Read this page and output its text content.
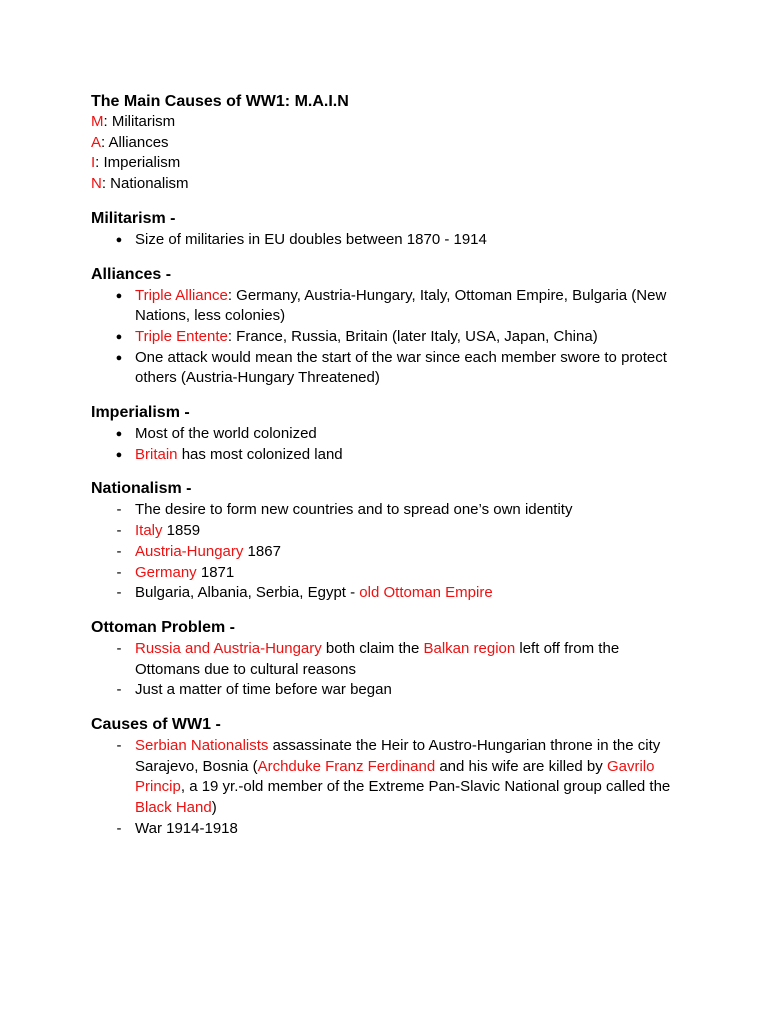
The Main Causes of WW1: M.A.I.N
M: Militarism
A: Alliances
I: Imperialism
N: Nationalism
Militarism -
● Size of militaries in EU doubles between 1870 - 1914
Alliances -
● Triple Alliance: Germany, Austria-Hungary, Italy, Ottoman Empire, Bulgaria (New Nations, less colonies)
● Triple Entente: France, Russia, Britain (later Italy, USA, Japan, China)
● One attack would mean the start of the war since each member swore to protect others (Austria-Hungary Threatened)
Imperialism -
● Most of the world colonized
● Britain has most colonized land
Nationalism -
- The desire to form new countries and to spread one’s own identity
- Italy 1859
- Austria-Hungary 1867
- Germany 1871
- Bulgaria, Albania, Serbia, Egypt - old Ottoman Empire
Ottoman Problem -
- Russia and Austria-Hungary both claim the Balkan region left off from the Ottomans due to cultural reasons
- Just a matter of time before war began
Causes of WW1 -
- Serbian Nationalists assassinate the Heir to Austro-Hungarian throne in the city Sarajevo, Bosnia (Archduke Franz Ferdinand and his wife are killed by Gavrilo Princip, a 19 yr.-old member of the Extreme Pan-Slavic National group called the Black Hand)
- War 1914-1918
